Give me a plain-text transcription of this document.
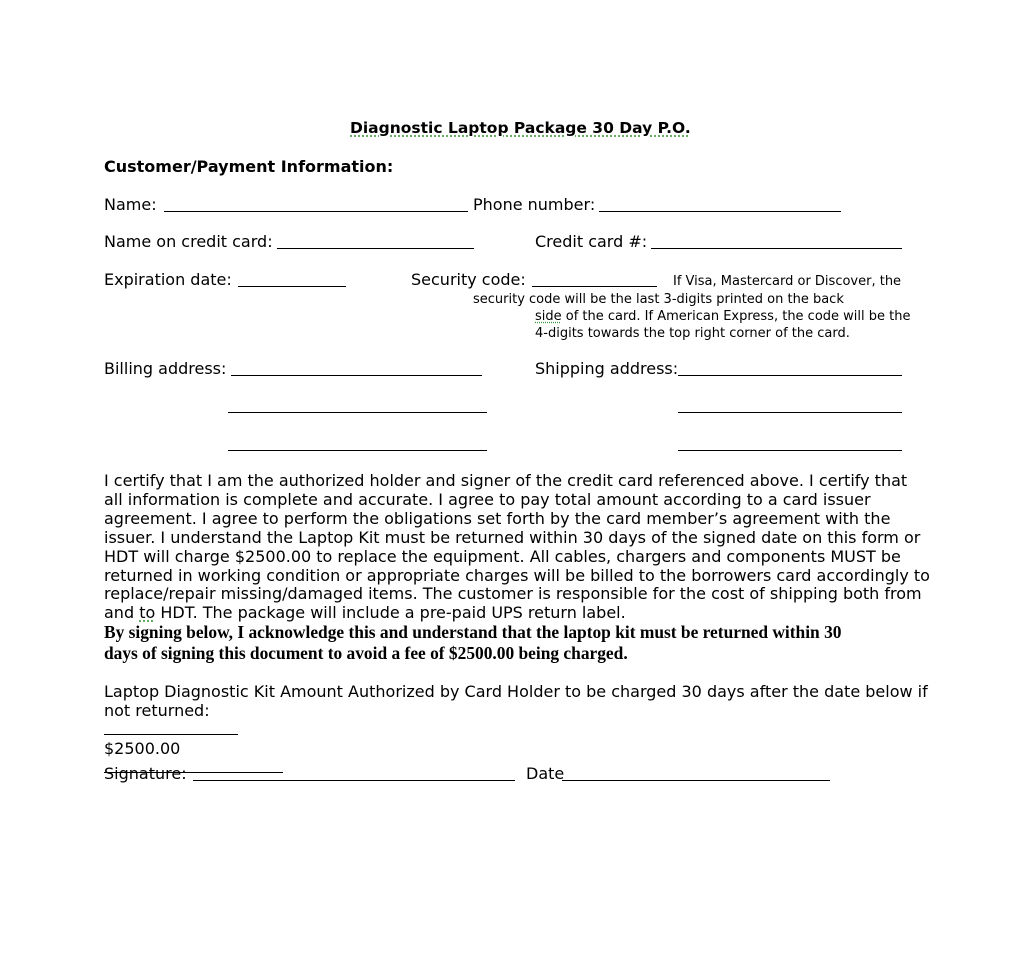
Diagnostic Laptop Package 30 Day P.O.
Customer/Payment Information:
Name:	Phone number:
Name on credit card:	Credit card #:
Expiration date:	Security code:	If Visa, Mastercard or Discover, the
security code will be the last 3-digits printed on the back
side of the card. If American Express, the code will be the
4-digits towards the top right corner of the card.
Billing address:	Shipping address:
I certify that I am the authorized holder and signer of the credit card referenced above. I certify that
all information is complete and accurate. I agree to pay total amount according to a card issuer
agreement. I agree to perform the obligations set forth by the card member’s agreement with the
issuer. I understand the Laptop Kit must be returned within 30 days of the signed date on this form or
HDT will charge $2500.00 to replace the equipment. All cables, chargers and components MUST be
returned in working condition or appropriate charges will be billed to the borrowers card accordingly to
replace/repair missing/damaged items. The customer is responsible for the cost of shipping both from
and to HDT. The package will include a pre-paid UPS return label.
By signing below, I acknowledge this and understand that the laptop kit must be returned within 30
days of signing this document to avoid a fee of $2500.00 being charged.
Laptop Diagnostic Kit Amount Authorized by Card Holder to be charged 30 days after the date below if
not returned:
$2500.00
Signature:	Date
